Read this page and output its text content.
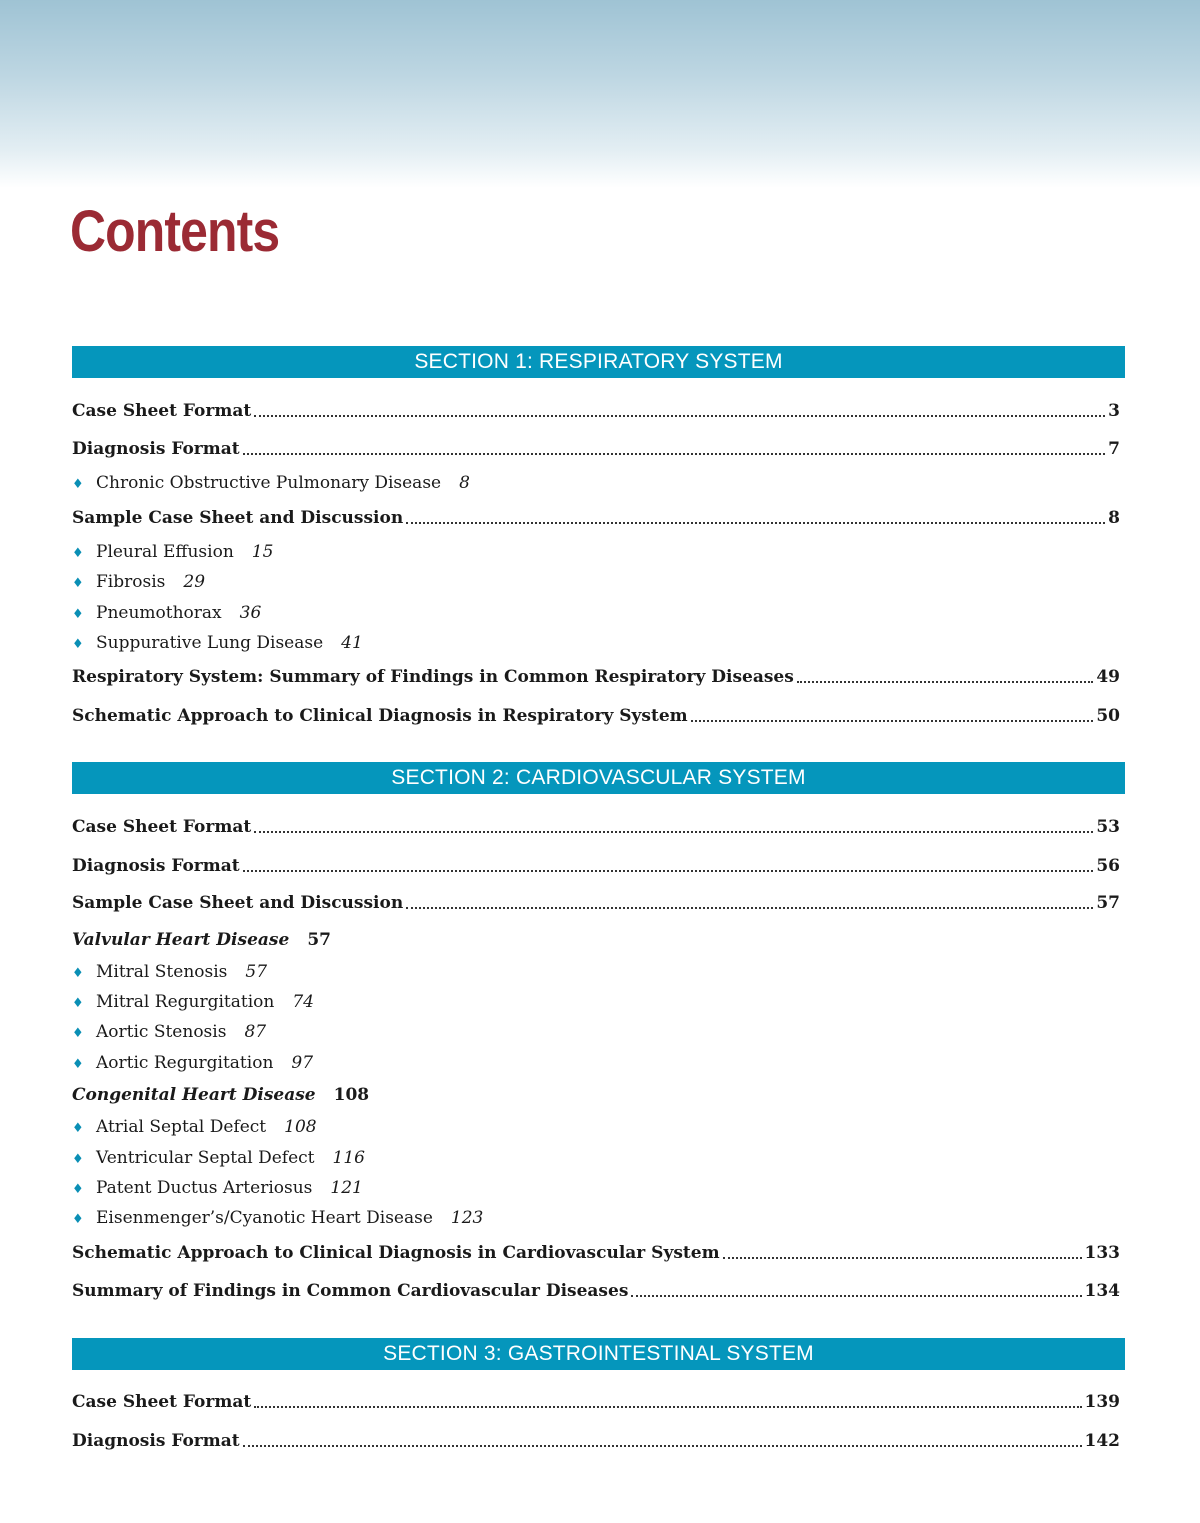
Contents
SECTION 1: RESPIRATORY SYSTEM
Case Sheet Format	3
Diagnosis Format	7
♦ Chronic Obstructive Pulmonary Disease 8
Sample Case Sheet and Discussion	8
♦ Pleural Effusion 15
♦ Fibrosis 29
♦ Pneumothorax 36
♦ Suppurative Lung Disease 41
Respiratory System: Summary of Findings in Common Respiratory Diseases	49
Schematic Approach to Clinical Diagnosis in Respiratory System	50
SECTION 2: CARDIOVASCULAR SYSTEM
Case Sheet Format	53
Diagnosis Format	56
Sample Case Sheet and Discussion	57
Valvular Heart Disease 57
♦ Mitral Stenosis 57
♦ Mitral Regurgitation 74
♦ Aortic Stenosis 87
♦ Aortic Regurgitation 97
Congenital Heart Disease 108
♦ Atrial Septal Defect 108
♦ Ventricular Septal Defect 116
♦ Patent Ductus Arteriosus 121
♦ Eisenmenger’s/Cyanotic Heart Disease 123
Schematic Approach to Clinical Diagnosis in Cardiovascular System	133
Summary of Findings in Common Cardiovascular Diseases	134
SECTION 3: GASTROINTESTINAL SYSTEM
Case Sheet Format	139
Diagnosis Format	142
